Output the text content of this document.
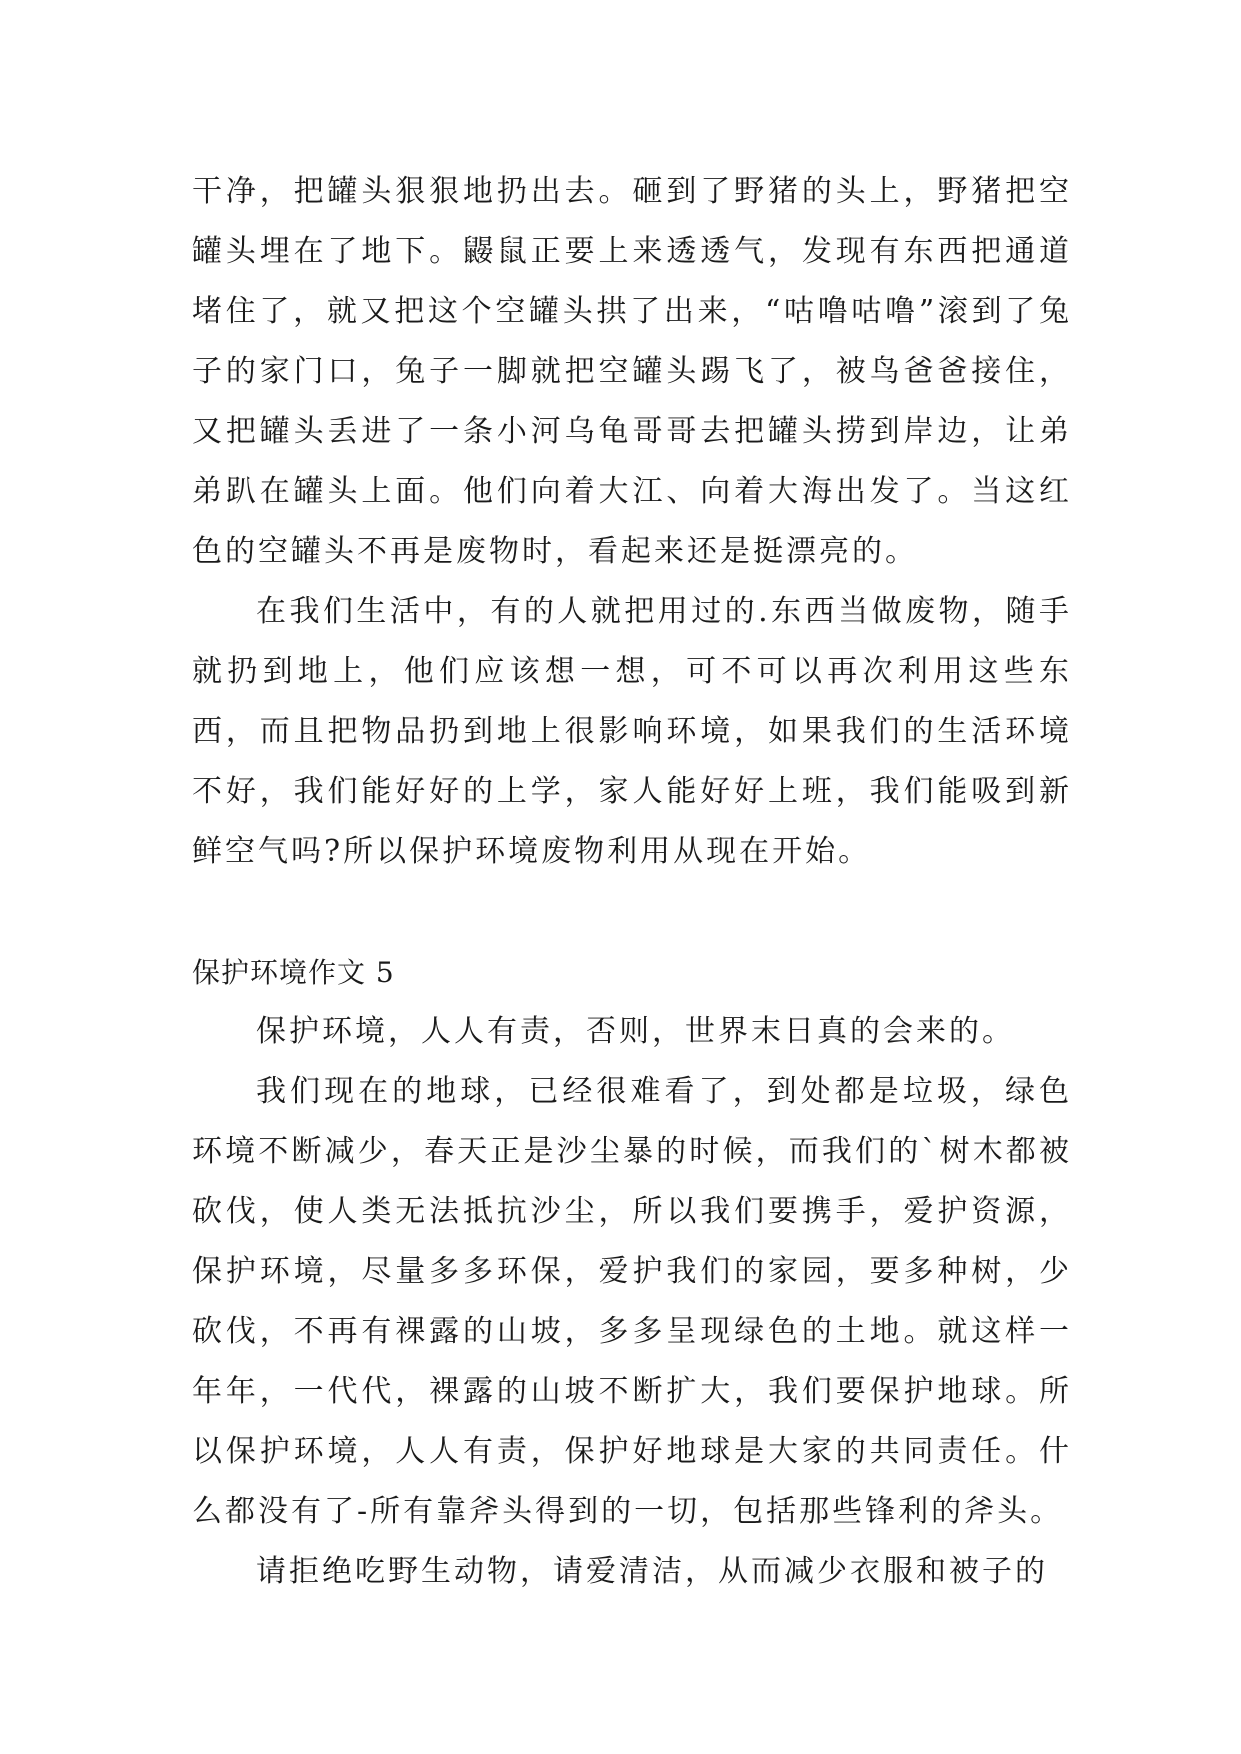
干净，把罐头狠狠地扔出去。砸到了野猪的头上，野猪把空罐头埋在了地下。鼹鼠正要上来透透气，发现有东西把通道堵住了，就又把这个空罐头拱了出来，“咕噜咕噜”滚到了兔子的家门口，兔子一脚就把空罐头踢飞了，被鸟爸爸接住，又把罐头丢进了一条小河乌龟哥哥去把罐头捞到岸边，让弟弟趴在罐头上面。他们向着大江、向着大海出发了。当这红色的空罐头不再是废物时，看起来还是挺漂亮的。

在我们生活中，有的人就把用过的.东西当做废物，随手就扔到地上，他们应该想一想，可不可以再次利用这些东西，而且把物品扔到地上很影响环境，如果我们的生活环境不好，我们能好好的上学，家人能好好上班，我们能吸到新鲜空气吗?所以保护环境废物利用从现在开始。

保护环境作文 5

保护环境，人人有责，否则，世界末日真的会来的。

我们现在的地球，已经很难看了，到处都是垃圾，绿色环境不断减少，春天正是沙尘暴的时候，而我们的`树木都被砍伐，使人类无法抵抗沙尘，所以我们要携手，爱护资源，保护环境，尽量多多环保，爱护我们的家园，要多种树，少砍伐，不再有裸露的山坡，多多呈现绿色的土地。就这样一年年，一代代，裸露的山坡不断扩大，我们要保护地球。所以保护环境，人人有责，保护好地球是大家的共同责任。什么都没有了-所有靠斧头得到的一切，包括那些锋利的斧头。

请拒绝吃野生动物，请爱清洁，从而减少衣服和被子的
